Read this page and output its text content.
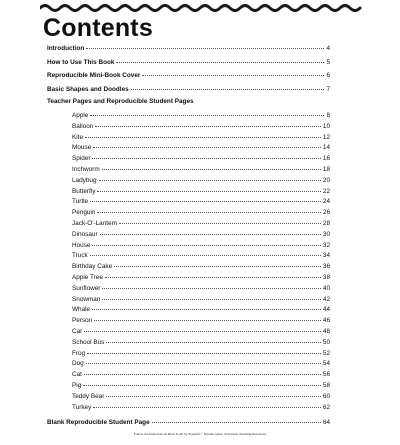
Contents
Introduction	4
How to Use This Book	5
Reproducible Mini-Book Cover	6
Basic Shapes and Doodles	7
Teacher Pages and Reproducible Student Pages
Apple	8
Balloon	10
Kite	12
Mouse	14
Spider	16
Inchworm	18
Ladybug	20
Butterfly	22
Turtle	24
Penguin	26
Jack-O'-Lantern	28
Dinosaur	30
House	32
Truck	34
Birthday Cake	36
Apple Tree	38
Sunflower	40
Snowman	42
Whale	44
Person	46
Car	48
School Bus	50
Frog	52
Dog	54
Cat	56
Pig	58
Teddy Bear	60
Turkey	62
Blank Reproducible Student Page	64
Follow the Directions & Draw It All by Yourself © Kristin Geller, Scholastic Teaching Resources
